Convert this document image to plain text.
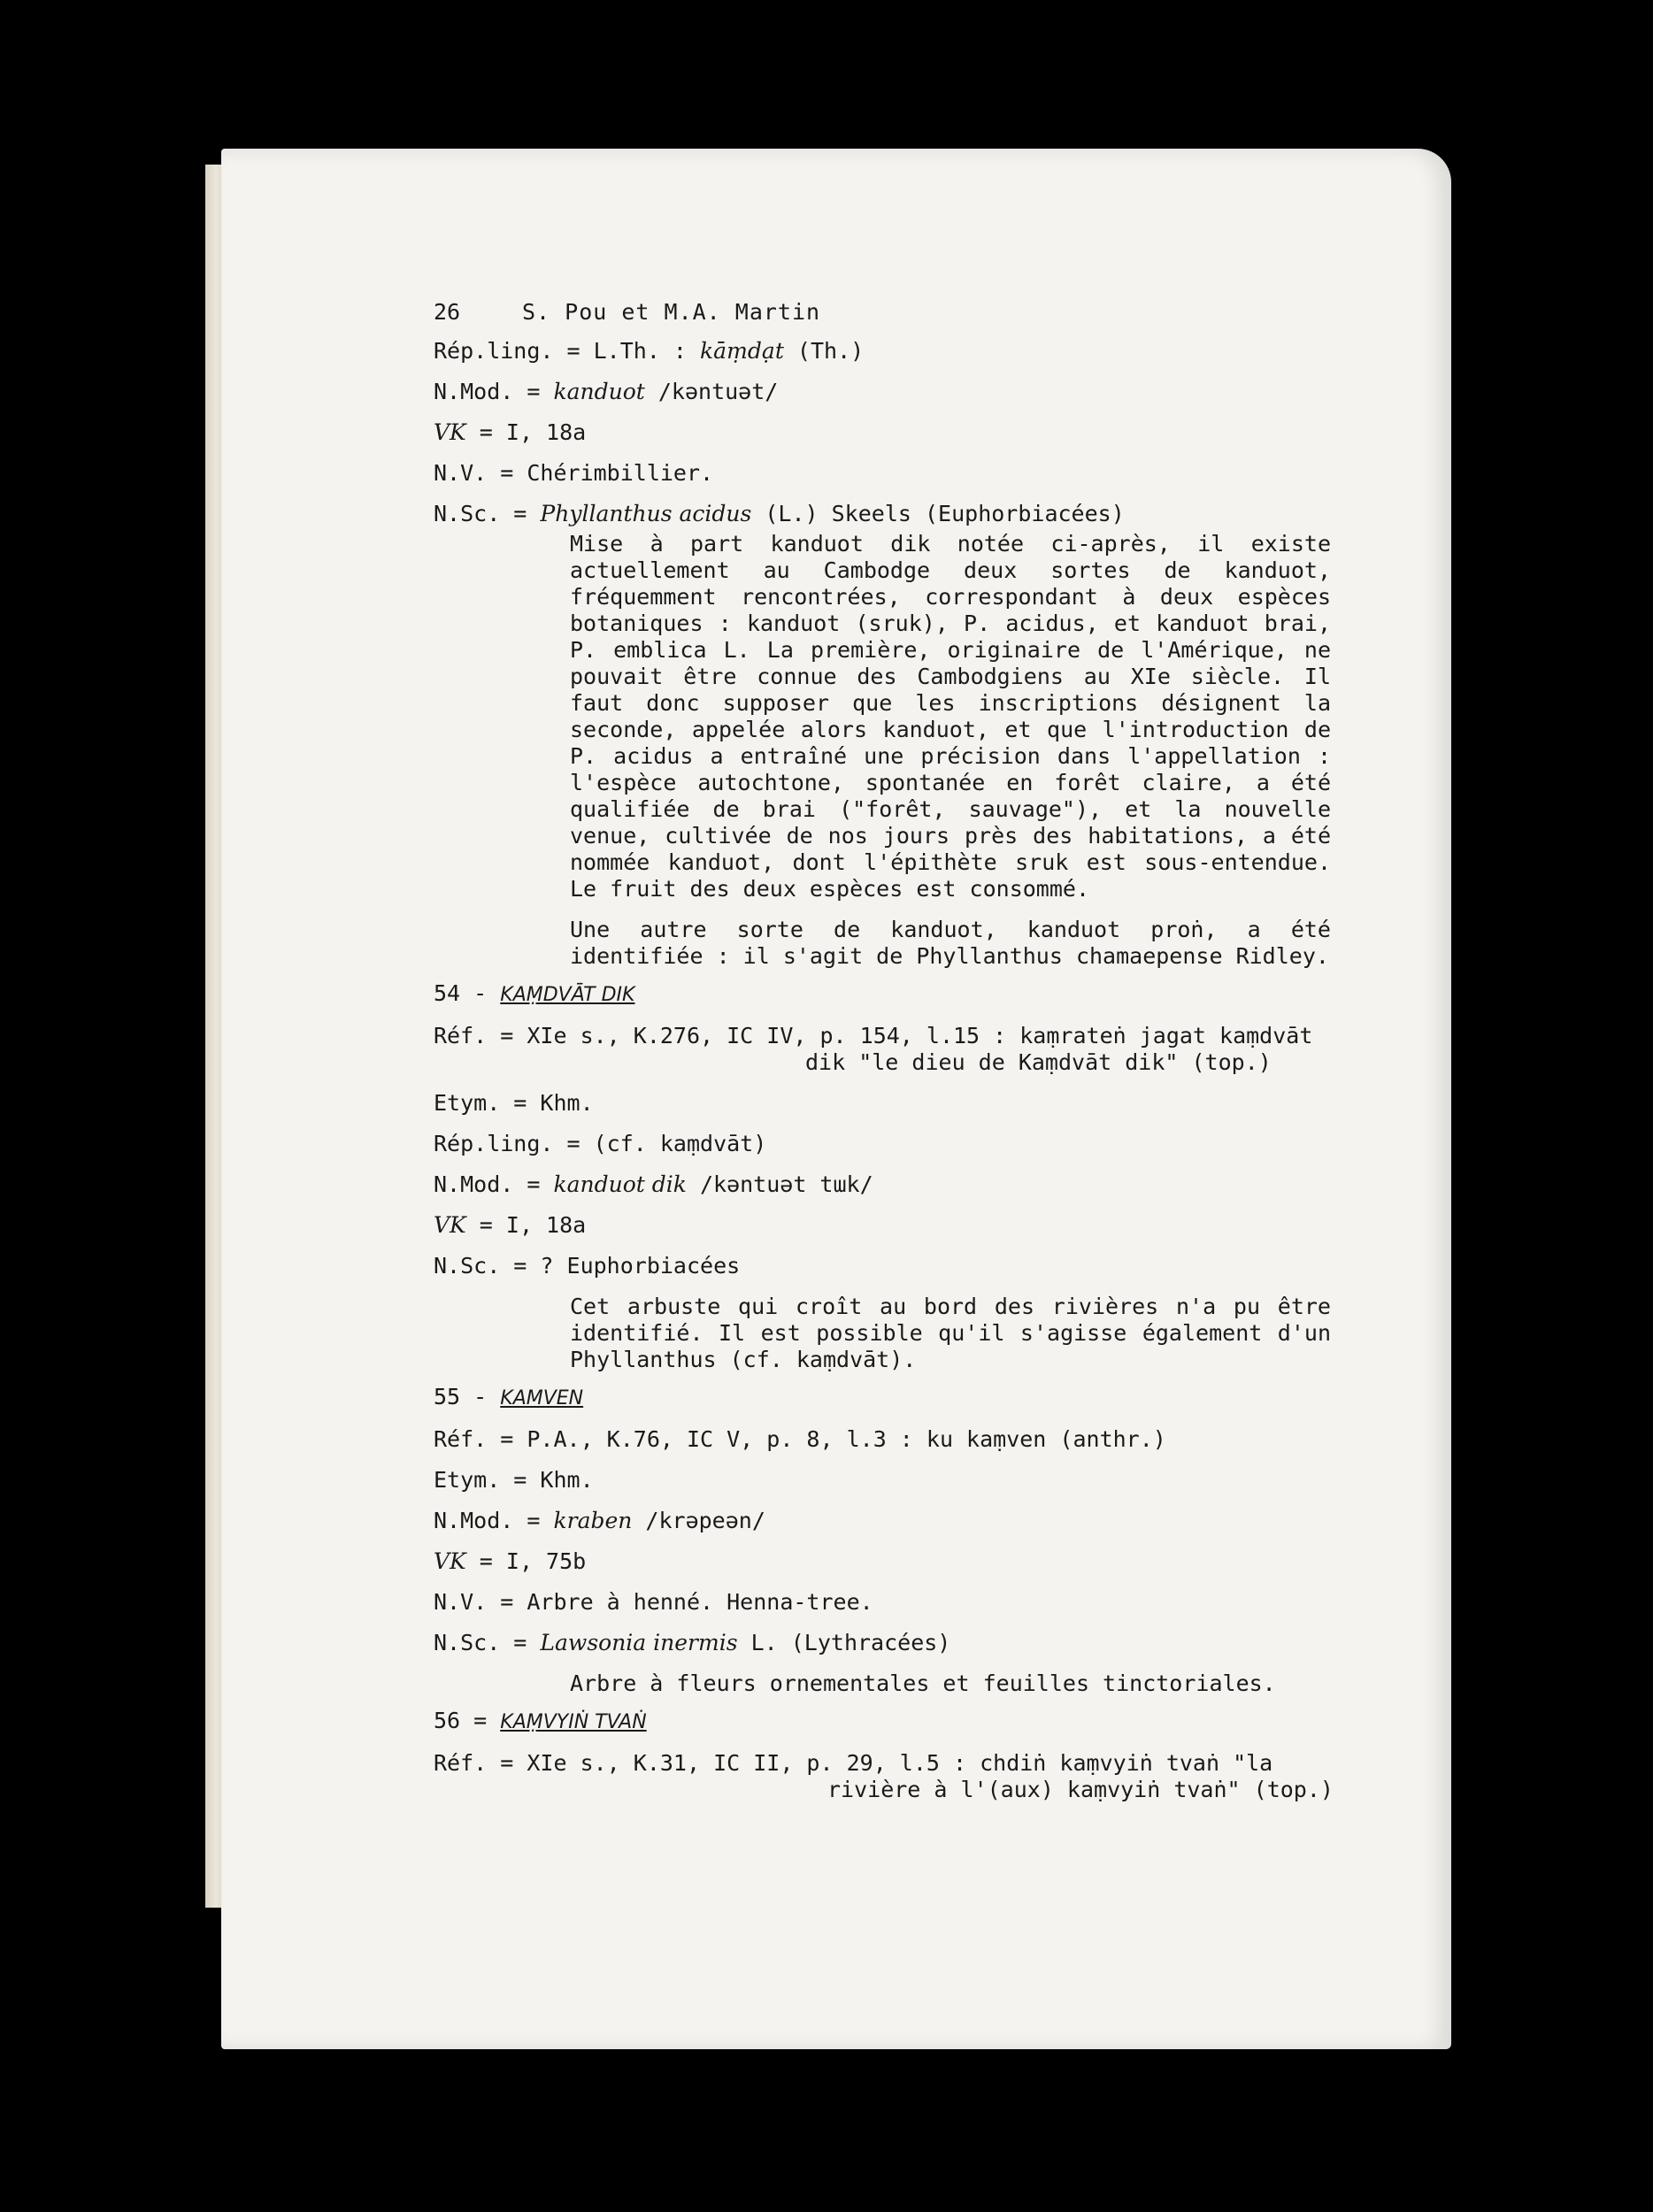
26	S. Pou et M.A. Martin
Rép.ling. = L.Th. : kāṃdạt (Th.)
N.Mod. = kanduot /kəntuət/
VK = I, 18a
N.V. = Chérimbillier.
N.Sc. = Phyllanthus acidus (L.) Skeels (Euphorbiacées)
Mise à part kanduot dik notée ci-après, il existe actuellement au Cambodge deux sortes de kanduot, fréquemment rencontrées, correspondant à deux espèces botaniques : kanduot (sruk), P. acidus, et kanduot brai, P. emblica L. La première, originaire de l'Amérique, ne pouvait être connue des Cambodgiens au XIe siècle. Il faut donc supposer que les inscriptions désignent la seconde, appelée alors kanduot, et que l'introduction de P. acidus a entraîné une précision dans l'appellation : l'espèce autochtone, spontanée en forêt claire, a été qualifiée de brai ("forêt, sauvage"), et la nouvelle venue, cultivée de nos jours près des habitations, a été nommée kanduot, dont l'épithète sruk est sous-entendue. Le fruit des deux espèces est consommé.
Une autre sorte de kanduot, kanduot proṅ, a été identifiée : il s'agit de Phyllanthus chamaepense Ridley.
54 - KAṂDVĀT DIK
Réf. = XIe s., K.276, IC IV, p. 154, l.15 : kaṃrateṅ jagat kaṃdvāt
dik "le dieu de Kaṃdvāt dik" (top.)
Etym. = Khm.
Rép.ling. = (cf. kaṃdvāt)
N.Mod. = kanduot dik /kəntuət tɯk/
VK = I, 18a
N.Sc. = ? Euphorbiacées
Cet arbuste qui croît au bord des rivières n'a pu être identifié. Il est possible qu'il s'agisse également d'un Phyllanthus (cf. kaṃdvāt).
55 - KAMVEN
Réf. = P.A., K.76, IC V, p. 8, l.3 : ku kaṃven (anthr.)
Etym. = Khm.
N.Mod. = kraben /krəpeən/
VK = I, 75b
N.V. = Arbre à henné. Henna-tree.
N.Sc. = Lawsonia inermis L. (Lythracées)
Arbre à fleurs ornementales et feuilles tinctoriales.
56 = KAṂVYIṄ TVAṄ
Réf. = XIe s., K.31, IC II, p. 29, l.5 : chdiṅ kaṃvyiṅ tvaṅ "la
rivière à l'(aux) kaṃvyiṅ tvaṅ" (top.)
